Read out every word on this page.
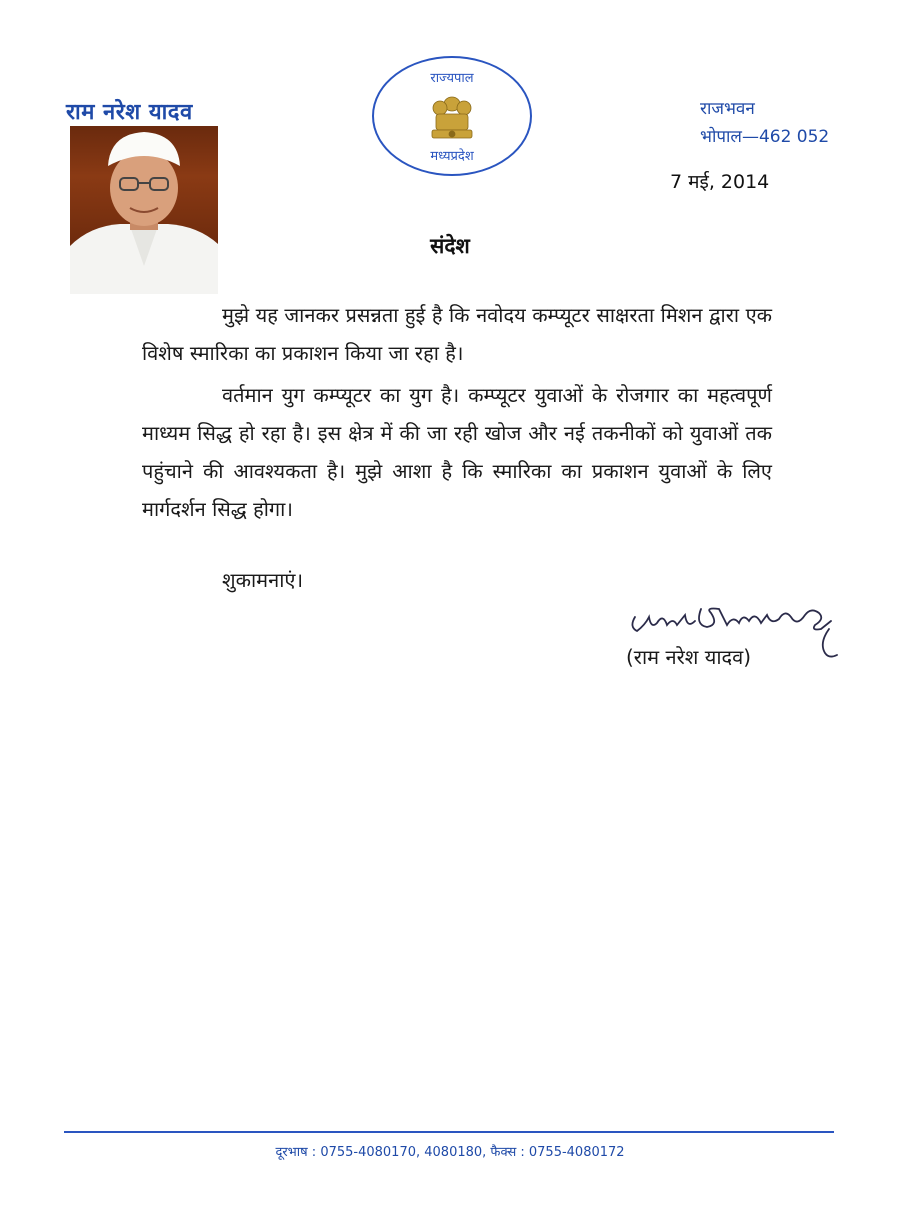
राम नरेश यादव
राज्यपाल
मध्यप्रदेश
राजभवन
भोपाल—462 052
7 मई, 2014
संदेश

मुझे यह जानकर प्रसन्नता हुई है कि नवोदय कम्प्यूटर साक्षरता मिशन द्वारा एक विशेष स्मारिका का प्रकाशन किया जा रहा है।

वर्तमान युग कम्प्यूटर का युग है। कम्प्यूटर युवाओं के रोजगार का महत्वपूर्ण माध्यम सिद्ध हो रहा है। इस क्षेत्र में की जा रही खोज और नई तकनीकों को युवाओं तक पहुंचाने की आवश्यकता है। मुझे आशा है कि स्मारिका का प्रकाशन युवाओं के लिए मार्गदर्शन सिद्ध होगा।

शुकामनाएं।
(राम नरेश यादव)
दूरभाष : 0755-4080170, 4080180, फैक्स : 0755-4080172
